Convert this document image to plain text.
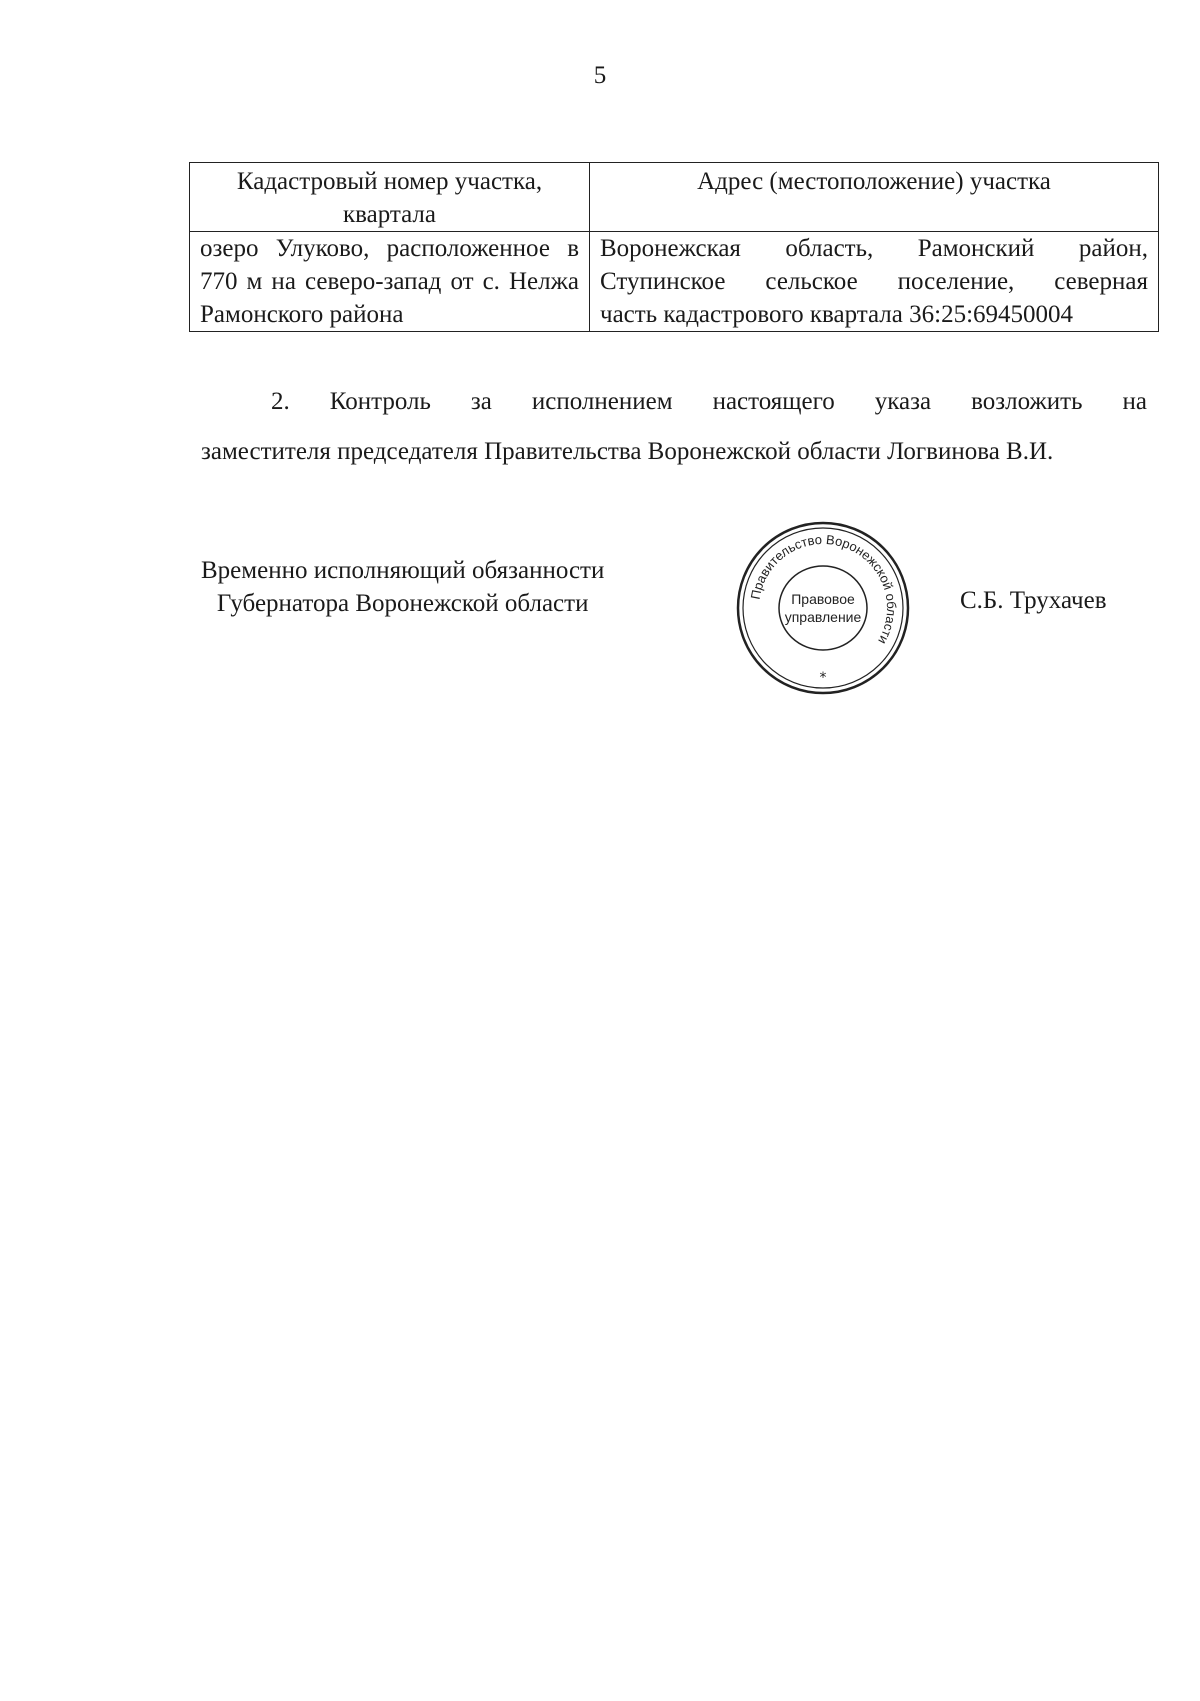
5
Кадастровый номер участка, квартала	Адрес (местоположение) участка
озеро Улуково, расположенное в 770 м на северо-запад от с. Нелжа Рамонского района	Воронежская область, Рамонский район,
Ступинское сельское поселение, северная
часть кадастрового квартала 36:25:69450004
2. Контроль за исполнением настоящего указа возложить на
заместителя председателя Правительства Воронежской области Логвинова В.И.
Временно исполняющий обязанности
Губернатора Воронежской области	Правительство Воронежской области
Правовое
управление
*
С.Б. Трухачев
